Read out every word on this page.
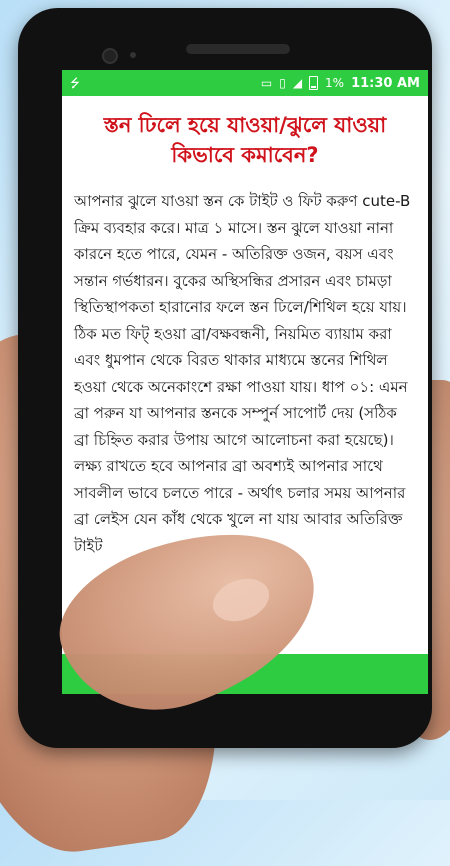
⭍	▭ ▯ ◢ 1% 11:30 AM
স্তন ঢিলে হয়ে যাওয়া/ঝুলে যাওয়া কিভাবে কমাবেন?
আপনার ঝুলে যাওয়া স্তন কে টাইট ও ফিট করুণ cute-B ক্রিম ব্যবহার করে। মাত্র ১ মাসে। স্তন ঝুলে যাওয়া নানা কারনে হতে পারে, যেমন - অতিরিক্ত ওজন, বয়স এবং সন্তান গর্ভধারন। বুকের অস্থিসন্ধির প্রসারন এবং চামড়া স্থিতিস্থাপকতা হারানোর ফলে স্তন ঢিলে/শিথিল হয়ে যায়। ঠিক মত ফিট্ হওয়া ব্রা/বক্ষবন্ধনী, নিয়মিত ব্যায়াম করা এবং ধুমপান থেকে বিরত থাকার মাধ্যমে স্তনের শিথিল হওয়া থেকে অনেকাংশে রক্ষা পাওয়া যায়। ধাপ ০১: এমন ব্রা পরুন যা আপনার স্তনকে সম্পুর্ন সাপোর্ট দেয় (সঠিক ব্রা চিহ্নিত করার উপায় আগে আলোচনা করা হয়েছে)। লক্ষ্য রাখতে হবে আপনার ব্রা অবশ্যই আপনার সাথে সাবলীল ভাবে চলতে পারে - অর্থাৎ চলার সময় আপনার ব্রা লেইস যেন কাঁধ থেকে খুলে না যায় আবার অতিরিক্ত টাইট
